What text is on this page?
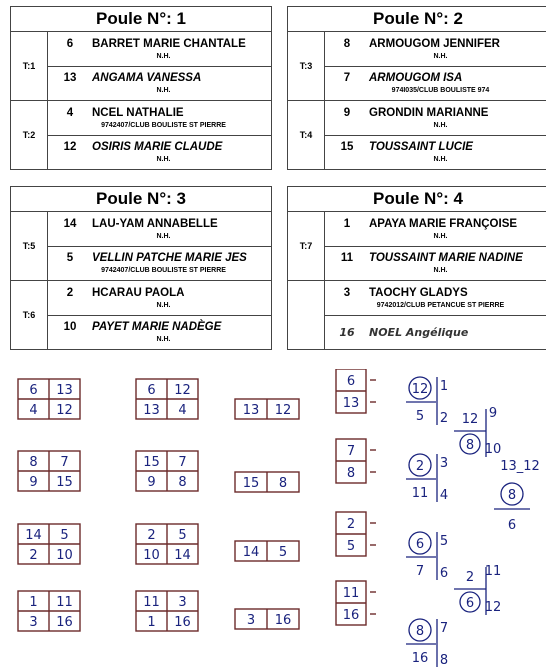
Poule N°: 1
T:1
6	BARRET MARIE CHANTALE
N.H.
13	ANGAMA VANESSA
N.H.
T:2
4	NCEL NATHALIE
9742407/CLUB BOULISTE ST PIERRE
12	OSIRIS MARIE CLAUDE
N.H.
Poule N°: 2
T:3
8	ARMOUGOM JENNIFER
N.H.
7	ARMOUGOM ISA
974I035/CLUB BOULISTE 974
T:4
9	GRONDIN MARIANNE
N.H.
15	TOUSSAINT LUCIE
N.H.
Poule N°: 3
T:5
14	LAU-YAM ANNABELLE
N.H.
5	VELLIN PATCHE MARIE JES
9742407/CLUB BOULISTE ST PIERRE
T:6
2	HCARAU PAOLA
N.H.
10	PAYET MARIE NADÈGE
N.H.
Poule N°: 4
T:7
1	APAYA MARIE FRANÇOISE
N.H.
11	TOUSSAINT MARIE NADINE
N.H.
3	TAOCHY GLADYS
9742012/CLUB PETANCUE ST PIERRE
16	NOEL Angélique
6 13
4 12
8 7
9 15
14 5
2 10
1 11
3 16
6 12
13 4
15 7
9 8
2 5
10 14
11 3
1 16
13 12
15 8
14 5
3 16
6
13
7
8
2
5
11
16
12
5
1
2
2
11
3
4
6
7
5
6
8
16
7
8
12
8
9
10
2
6
11
12
13_12
8
6
